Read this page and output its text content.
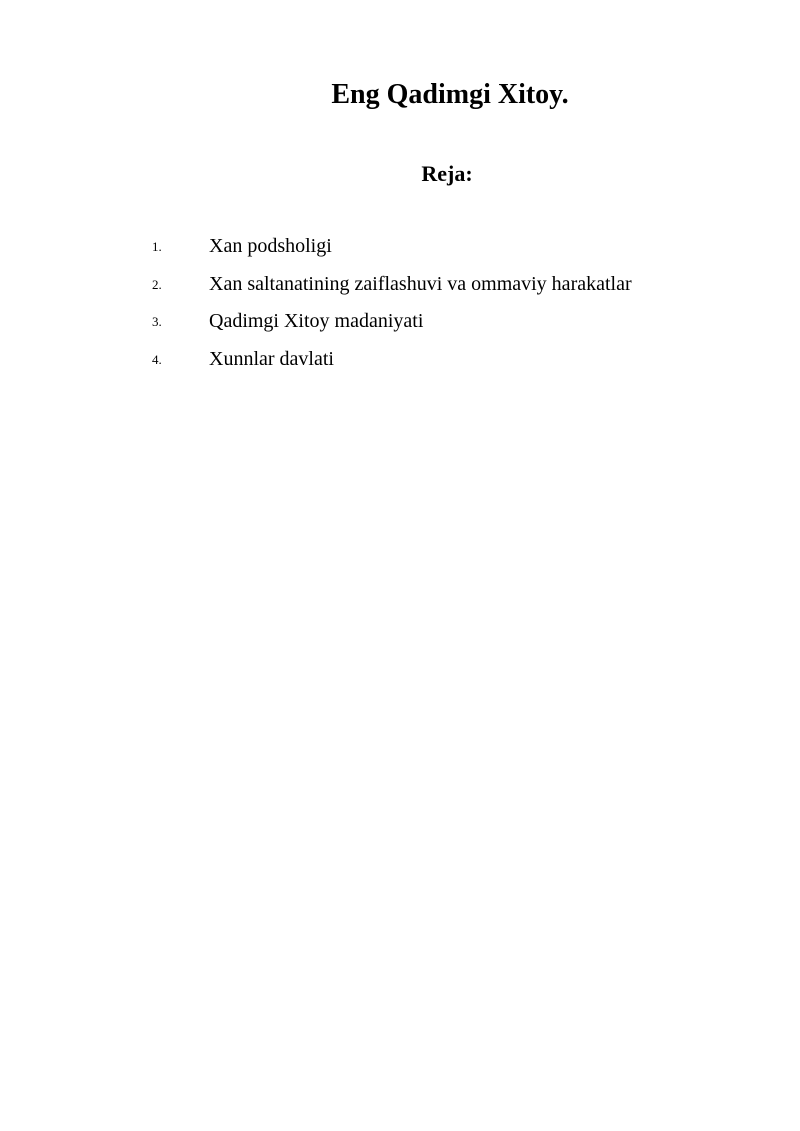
Eng Qadimgi Xitoy.
Reja:
1. Xan podsholigi
2. Xan saltanatining zaiflashuvi va ommaviy harakatlar
3. Qadimgi Xitoy madaniyati
4. Xunnlar davlati
